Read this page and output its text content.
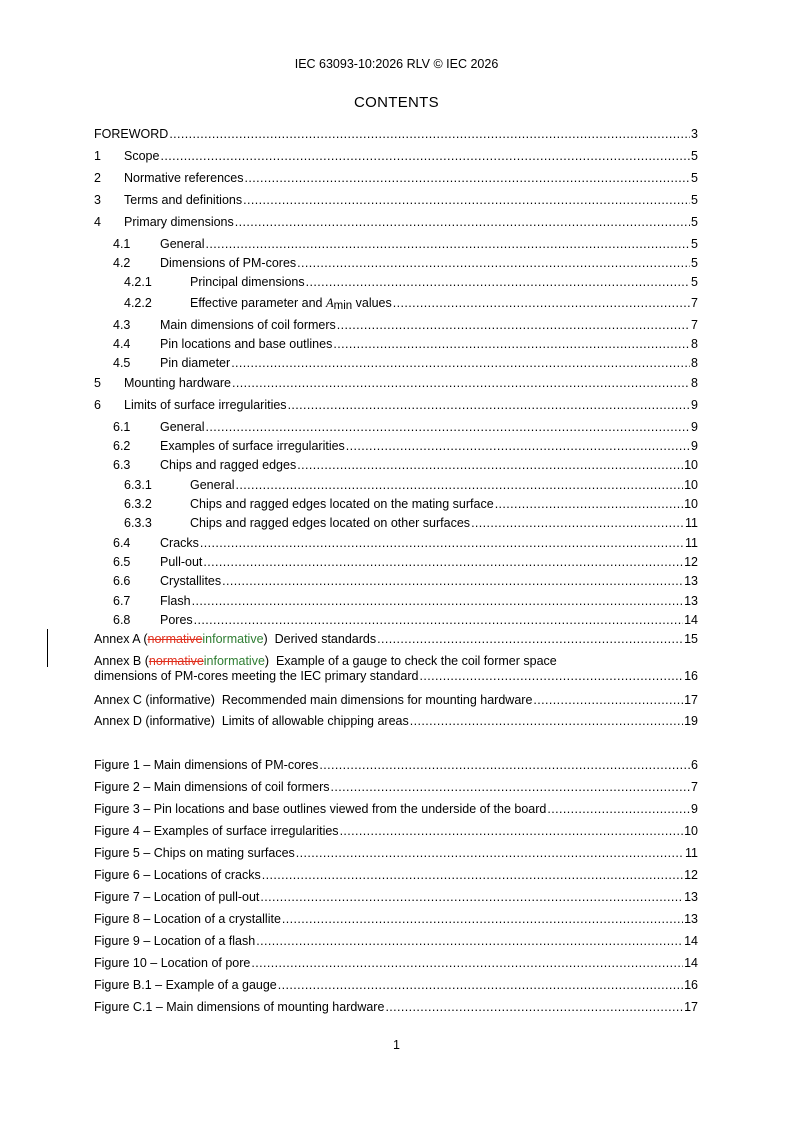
IEC 63093-10:2026 RLV © IEC 2026
CONTENTS
FOREWORD .....	3
1	Scope .....	5
2	Normative references .....	5
3	Terms and definitions .....	5
4	Primary dimensions .....	5
4.1	General .....	5
4.2	Dimensions of PM-cores .....	5
4.2.1	Principal dimensions .....	5
4.2.2	Effective parameter and Amin values .....	7
4.3	Main dimensions of coil formers .....	7
4.4	Pin locations and base outlines .....	8
4.5	Pin diameter .....	8
5	Mounting hardware .....	8
6	Limits of surface irregularities .....	9
6.1	General .....	9
6.2	Examples of surface irregularities .....	9
6.3	Chips and ragged edges .....	10
6.3.1	General .....	10
6.3.2	Chips and ragged edges located on the mating surface .....	10
6.3.3	Chips and ragged edges located on other surfaces .....	11
6.4	Cracks .....	11
6.5	Pull-out .....	12
6.6	Crystallites .....	13
6.7	Flash .....	13
6.8	Pores .....	14
Annex A (normativeinformative)  Derived standards .....	15
Annex B (normativeinformative)  Example of a gauge to check the coil former space
dimensions of PM-cores meeting the IEC primary standard .....	16
Annex C (informative)  Recommended main dimensions for mounting hardware .....	17
Annex D (informative)  Limits of allowable chipping areas .....	19
Figure 1 – Main dimensions of PM-cores .....	6
Figure 2 – Main dimensions of coil formers .....	7
Figure 3 – Pin locations and base outlines viewed from the underside of the board .....	9
Figure 4 – Examples of surface irregularities .....	10
Figure 5 – Chips on mating surfaces .....	11
Figure 6 – Locations of cracks .....	12
Figure 7 – Location of pull-out .....	13
Figure 8 – Location of a crystallite .....	13
Figure 9 – Location of a flash .....	14
Figure 10 – Location of pore .....	14
Figure B.1 – Example of a gauge .....	16
Figure C.1 – Main dimensions of mounting hardware .....	17
1
